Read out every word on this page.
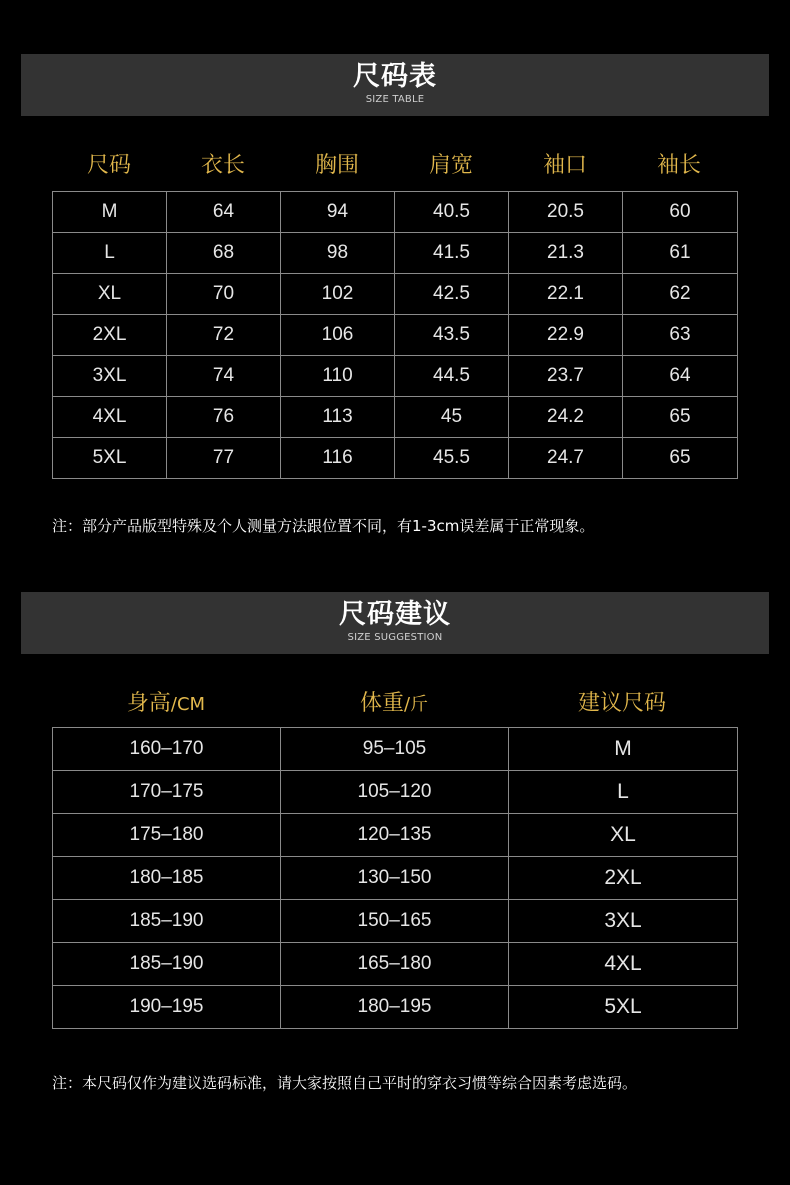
尺码表
SIZE TABLE
尺码	衣长	胸围	肩宽	袖口	袖长
M	64	94	40.5	20.5	60
L	68	98	41.5	21.3	61
XL	70	102	42.5	22.1	62
2XL	72	106	43.5	22.9	63
3XL	74	110	44.5	23.7	64
4XL	76	113	45	24.2	65
5XL	77	116	45.5	24.7	65
注：部分产品版型特殊及个人测量方法跟位置不同，有1-3cm误差属于正常现象。
尺码建议
SIZE SUGGESTION
身高/CM	体重/斤	建议尺码
160–170	95–105	M
170–175	105–120	L
175–180	120–135	XL
180–185	130–150	2XL
185–190	150–165	3XL
185–190	165–180	4XL
190–195	180–195	5XL
注：本尺码仅作为建议选码标准，请大家按照自己平时的穿衣习惯等综合因素考虑选码。
